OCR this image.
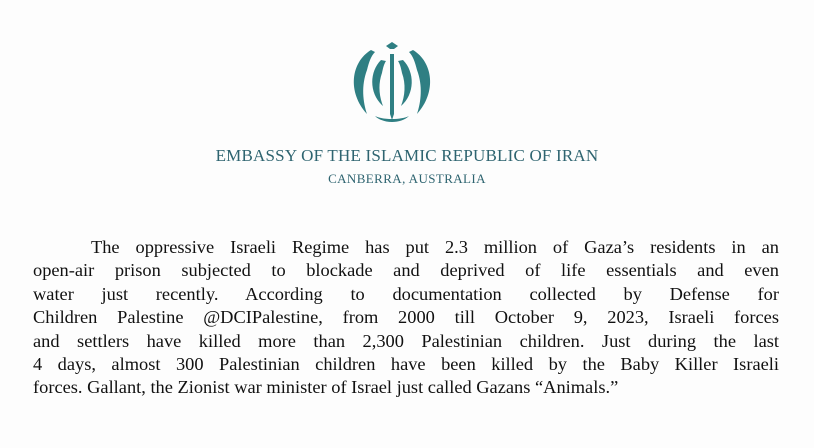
EMBASSY OF THE ISLAMIC REPUBLIC OF IRAN
CANBERRA, AUSTRALIA

The oppressive Israeli Regime has put 2.3 million of Gaza’s residents in an
open-air prison subjected to blockade and deprived of life essentials and even
water just recently. According to documentation collected by Defense for
Children Palestine @DCIPalestine, from 2000 till October 9, 2023, Israeli forces
and settlers have killed more than 2,300 Palestinian children. Just during the last
4 days, almost 300 Palestinian children have been killed by the Baby Killer Israeli
forces. Gallant, the Zionist war minister of Israel just called Gazans “Animals.”
